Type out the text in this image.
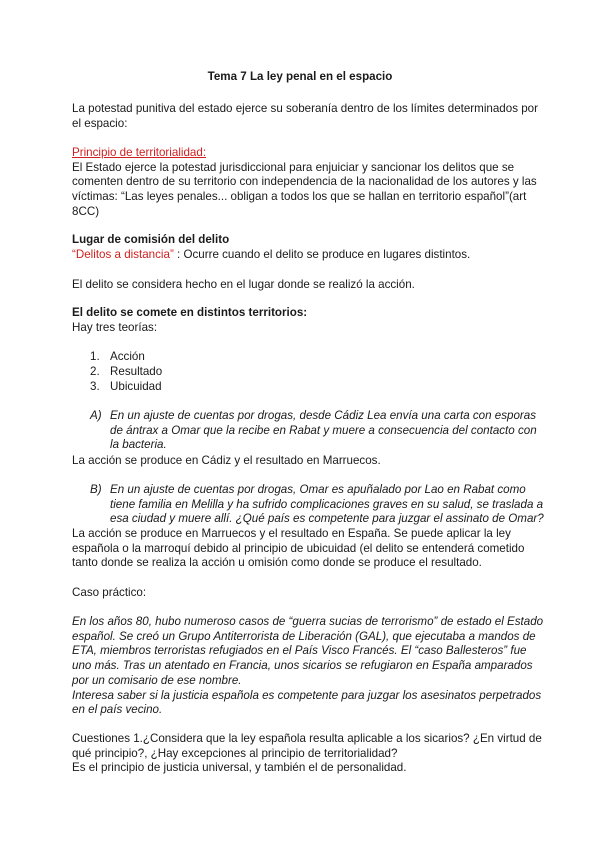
Tema 7 La ley penal en el espacio
La potestad punitiva del estado ejerce su soberanía dentro de los límites determinados por
el espacio:
Principio de territorialidad:
El Estado ejerce la potestad jurisdiccional para enjuiciar y sancionar los delitos que se
comenten dentro de su territorio con independencia de la nacionalidad de los autores y las
víctimas: “Las leyes penales... obligan a todos los que se hallan en territorio español”(art
8CC)
Lugar de comisión del delito
“Delitos a distancia” : Ocurre cuando el delito se produce en lugares distintos.
El delito se considera hecho en el lugar donde se realizó la acción.
El delito se comete en distintos territorios:
Hay tres teorías:
1. Acción
2. Resultado
3. Ubicuidad
A) En un ajuste de cuentas por drogas, desde Cádiz Lea envía una carta con esporas
de ántrax a Omar que la recibe en Rabat y muere a consecuencia del contacto con
la bacteria.
La acción se produce en Cádiz y el resultado en Marruecos.
B) En un ajuste de cuentas por drogas, Omar es apuñalado por Lao en Rabat como
tiene familia en Melilla y ha sufrido complicaciones graves en su salud, se traslada a
esa ciudad y muere allí. ¿Qué país es competente para juzgar el assinato de Omar?
La acción se produce en Marruecos y el resultado en España. Se puede aplicar la ley
española o la marroquí debido al principio de ubicuidad (el delito se entenderá cometido
tanto donde se realiza la acción u omisión como donde se produce el resultado.
Caso práctico:
En los años 80, hubo numeroso casos de “guerra sucias de terrorismo” de estado el Estado
español. Se creó un Grupo Antiterrorista de Liberación (GAL), que ejecutaba a mandos de
ETA, miembros terroristas refugiados en el País Visco Francés. El “caso Ballesteros” fue
uno más. Tras un atentado en Francia, unos sicarios se refugiaron en España amparados
por un comisario de ese nombre.
Interesa saber si la justicia española es competente para juzgar los asesinatos perpetrados
en el país vecino.
Cuestiones 1.¿Considera que la ley española resulta aplicable a los sicarios? ¿En virtud de
qué principio?, ¿Hay excepciones al principio de territorialidad?
Es el principio de justicia universal, y también el de personalidad.
